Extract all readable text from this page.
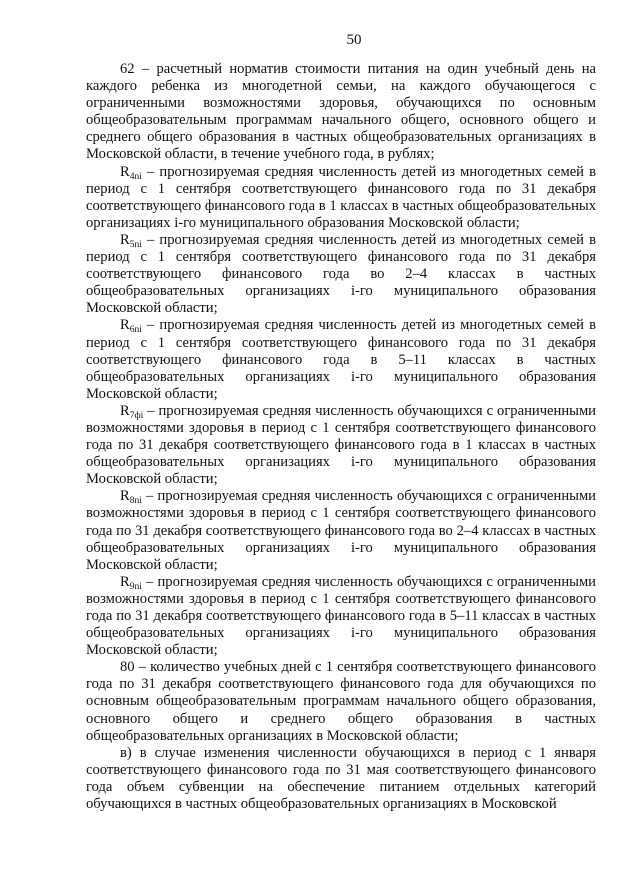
50

62 – расчетный норматив стоимости питания на один учебный день на каждого ребенка из многодетной семьи, на каждого обучающегося с ограниченными возможностями здоровья, обучающихся по основным общеобразовательным программам начального общего, основного общего и среднего общего образования в частных общеобразовательных организациях в Московской области, в течение учебного года, в рублях;

$R_{4ni}$ – прогнозируемая средняя численность детей из многодетных семей в период с 1 сентября соответствующего финансового года по 31 декабря соответствующего финансового года в 1 классах в частных общеобразовательных организациях i-го муниципального образования Московской области;

$R_{5ni}$ – прогнозируемая средняя численность детей из многодетных семей в период с 1 сентября соответствующего финансового года по 31 декабря соответствующего финансового года во 2–4 классах в частных общеобразовательных организациях i-го муниципального образования Московской области;

$R_{6ni}$ – прогнозируемая средняя численность детей из многодетных семей в период с 1 сентября соответствующего финансового года по 31 декабря соответствующего финансового года в 5–11 классах в частных общеобразовательных организациях i-го муниципального образования Московской области;

$R_{7фi}$ – прогнозируемая средняя численность обучающихся с ограниченными возможностями здоровья в период с 1 сентября соответствующего финансового года по 31 декабря соответствующего финансового года в 1 классах в частных общеобразовательных организациях i-го муниципального образования Московской области;

$R_{8ni}$ – прогнозируемая средняя численность обучающихся с ограниченными возможностями здоровья в период с 1 сентября соответствующего финансового года по 31 декабря соответствующего финансового года во 2–4 классах в частных общеобразовательных организациях i-го муниципального образования Московской области;

$R_{9ni}$ – прогнозируемая средняя численность обучающихся с ограниченными возможностями здоровья в период с 1 сентября соответствующего финансового года по 31 декабря соответствующего финансового года в 5–11 классах в частных общеобразовательных организациях i-го муниципального образования Московской области;

80 – количество учебных дней с 1 сентября соответствующего финансового года по 31 декабря соответствующего финансового года для обучающихся по основным общеобразовательным программам начального общего образования, основного общего и среднего общего образования в частных общеобразовательных организациях в Московской области;

в) в случае изменения численности обучающихся в период с 1 января соответствующего финансового года по 31 мая соответствующего финансового года объем субвенции на обеспечение питанием отдельных категорий обучающихся в частных общеобразовательных организациях в Московской
